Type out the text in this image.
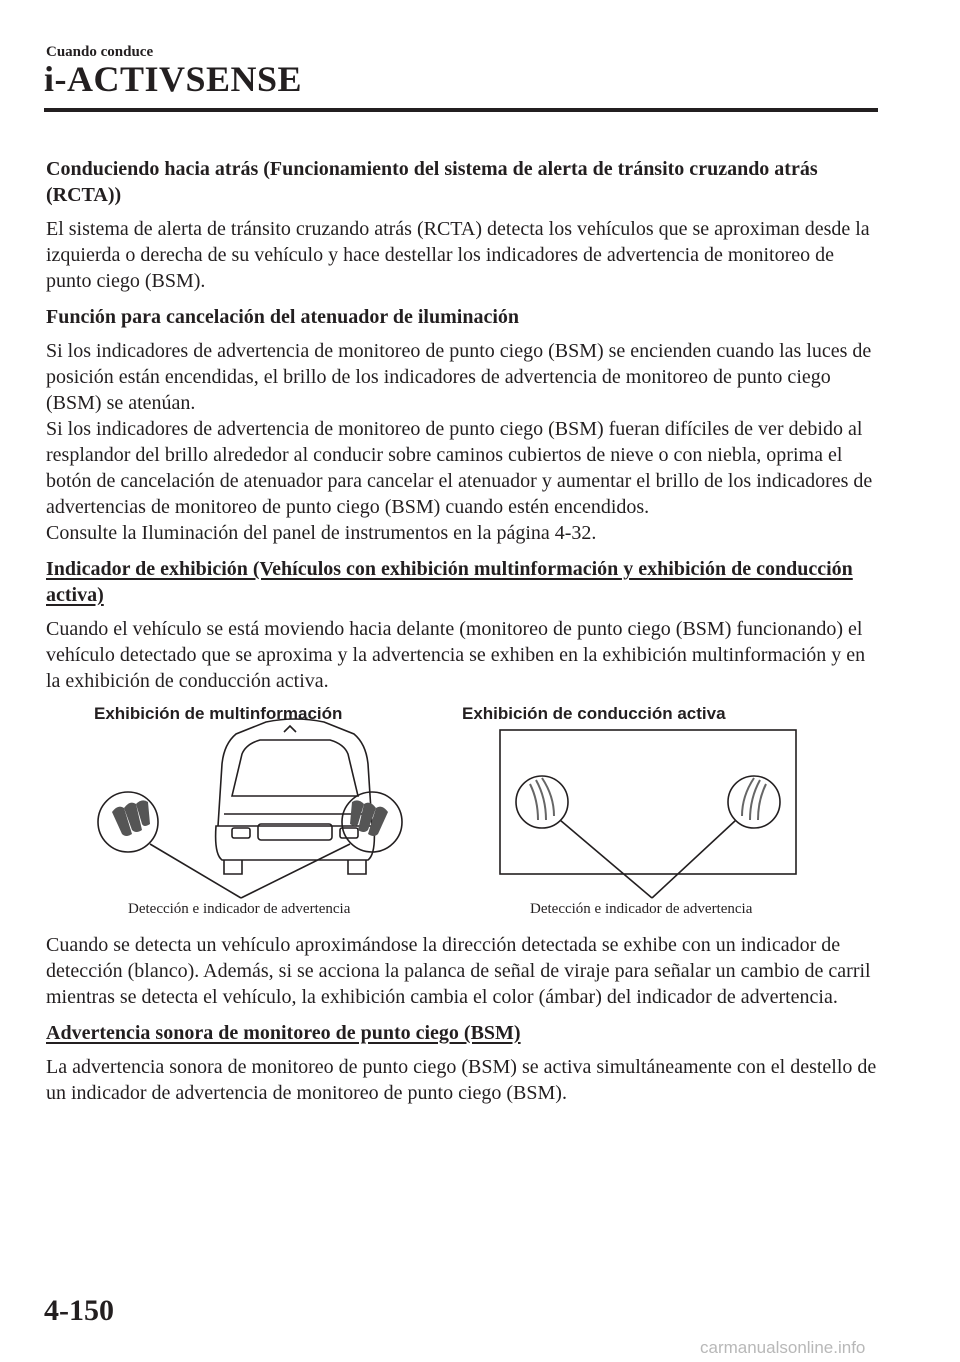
Cuando conduce
i-ACTIVSENSE

Conduciendo hacia atrás (Funcionamiento del sistema de alerta de tránsito cruzando atrás (RCTA))

El sistema de alerta de tránsito cruzando atrás (RCTA) detecta los vehículos que se aproximan desde la izquierda o derecha de su vehículo y hace destellar los indicadores de advertencia de monitoreo de punto ciego (BSM).

Función para cancelación del atenuador de iluminación

Si los indicadores de advertencia de monitoreo de punto ciego (BSM) se encienden cuando las luces de posición están encendidas, el brillo de los indicadores de advertencia de monitoreo de punto ciego (BSM) se atenúan.

Si los indicadores de advertencia de monitoreo de punto ciego (BSM) fueran difíciles de ver debido al resplandor del brillo alrededor al conducir sobre caminos cubiertos de nieve o con niebla, oprima el botón de cancelación de atenuador para cancelar el atenuador y aumentar el brillo de los indicadores de advertencias de monitoreo de punto ciego (BSM) cuando estén encendidos.

Consulte la Iluminación del panel de instrumentos en la página 4-32.

Indicador de exhibición (Vehículos con exhibición multinformación y exhibición de conducción activa)

Cuando el vehículo se está moviendo hacia delante (monitoreo de punto ciego (BSM) funcionando) el vehículo detectado que se aproxima y la advertencia se exhiben en la exhibición multinformación y en la exhibición de conducción activa.

Exhibición de multinformación	Exhibición de conducción activa
Detección e indicador de advertencia	Detección e indicador de advertencia

Cuando se detecta un vehículo aproximándose la dirección detectada se exhibe con un indicador de detección (blanco). Además, si se acciona la palanca de señal de viraje para señalar un cambio de carril mientras se detecta el vehículo, la exhibición cambia el color (ámbar) del indicador de advertencia.

Advertencia sonora de monitoreo de punto ciego (BSM)

La advertencia sonora de monitoreo de punto ciego (BSM) se activa simultáneamente con el destello de un indicador de advertencia de monitoreo de punto ciego (BSM).

4-150
carmanualsonline.info
